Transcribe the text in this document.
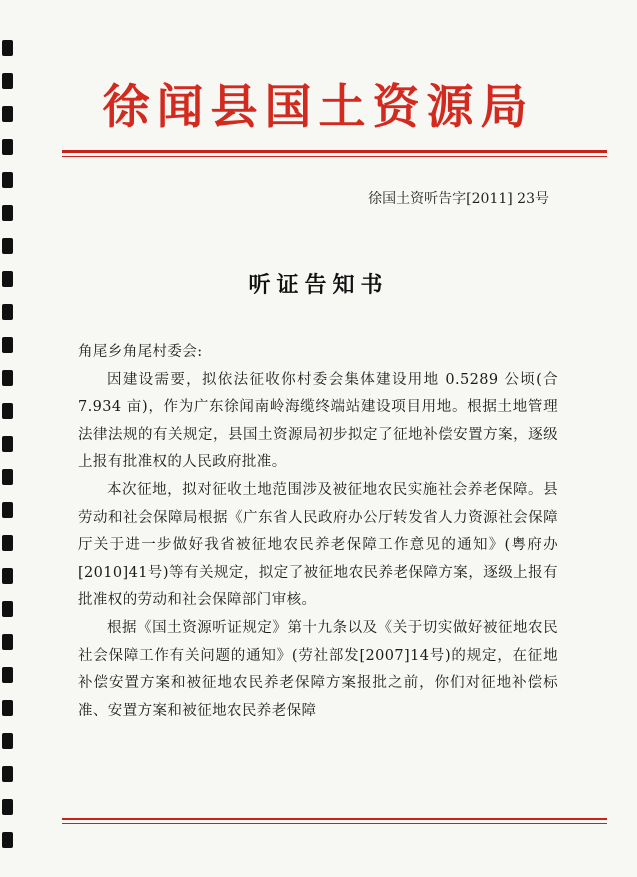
徐闻县国土资源局
徐国土资听告字[2011] 23号
听证告知书

角尾乡角尾村委会:

因建设需要，拟依法征收你村委会集体建设用地 0.5289 公顷(合 7.934 亩)，作为广东徐闻南岭海缆终端站建设项目用地。根据土地管理法律法规的有关规定，县国土资源局初步拟定了征地补偿安置方案，逐级上报有批准权的人民政府批准。

本次征地，拟对征收土地范围涉及被征地农民实施社会养老保障。县劳动和社会保障局根据《广东省人民政府办公厅转发省人力资源社会保障厅关于进一步做好我省被征地农民养老保障工作意见的通知》(粤府办[2010]41号)等有关规定，拟定了被征地农民养老保障方案，逐级上报有批准权的劳动和社会保障部门审核。

根据《国土资源听证规定》第十九条以及《关于切实做好被征地农民社会保障工作有关问题的通知》(劳社部发[2007]14号)的规定，在征地补偿安置方案和被征地农民养老保障方案报批之前，你们对征地补偿标准、安置方案和被征地农民养老保障
